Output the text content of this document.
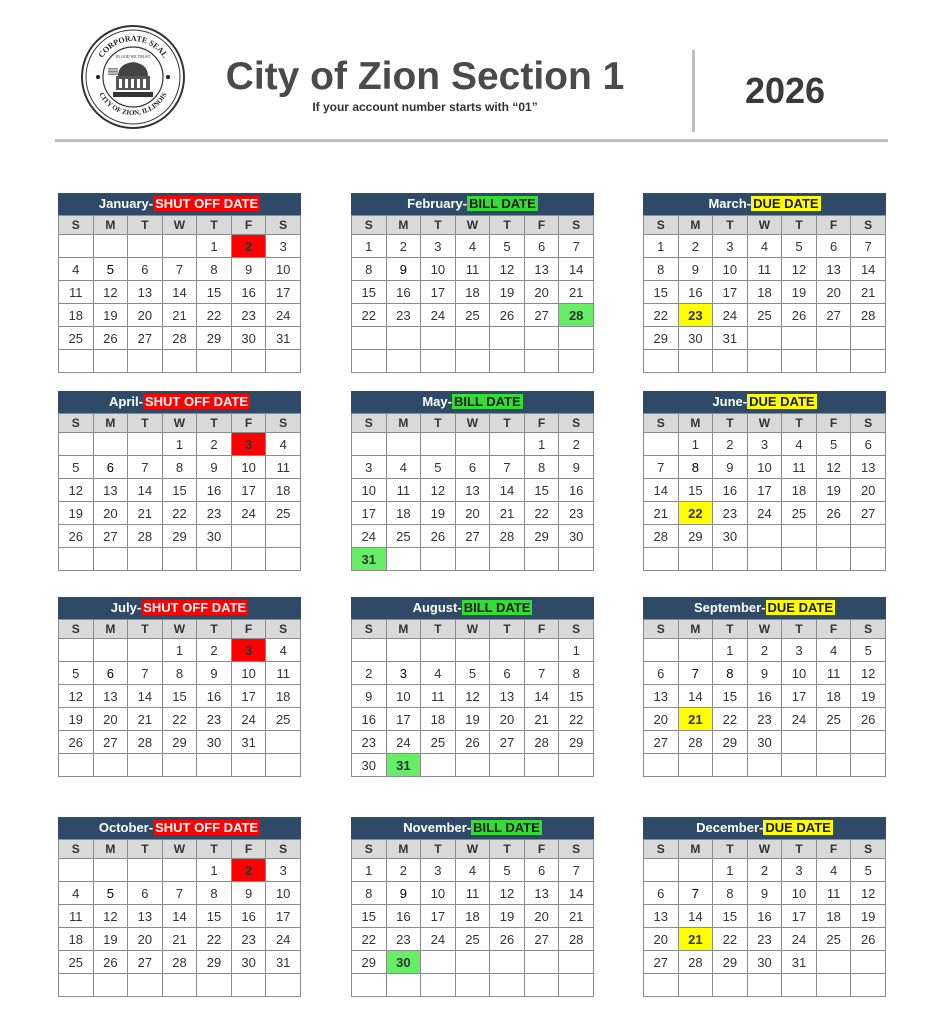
CORPORATE SEAL
CITY OF ZION, ILLINOIS
IN GOD WE TRUST	City of Zion Section 1
If your account number starts with “01”	2026
January- SHUT OFF DATE
S	M	T	W	T	F	S
				1	2	3
4	5	6	7	8	9	10
11	12	13	14	15	16	17
18	19	20	21	22	23	24
25	26	27	28	29	30	31

February- BILL DATE
S	M	T	W	T	F	S
1	2	3	4	5	6	7
8	9	10	11	12	13	14
15	16	17	18	19	20	21
22	23	24	25	26	27	28

March- DUE DATE
S	M	T	W	T	F	S
1	2	3	4	5	6	7
8	9	10	11	12	13	14
15	16	17	18	19	20	21
22	23	24	25	26	27	28
29	30	31				

April- SHUT OFF DATE
S	M	T	W	T	F	S
			1	2	3	4
5	6	7	8	9	10	11
12	13	14	15	16	17	18
19	20	21	22	23	24	25
26	27	28	29	30		

May- BILL DATE
S	M	T	W	T	F	S
					1	2
3	4	5	6	7	8	9
10	11	12	13	14	15	16
17	18	19	20	21	22	23
24	25	26	27	28	29	30
31						
June- DUE DATE
S	M	T	W	T	F	S
	1	2	3	4	5	6
7	8	9	10	11	12	13
14	15	16	17	18	19	20
21	22	23	24	25	26	27
28	29	30				

July- SHUT OFF DATE
S	M	T	W	T	F	S
			1	2	3	4
5	6	7	8	9	10	11
12	13	14	15	16	17	18
19	20	21	22	23	24	25
26	27	28	29	30	31	

August- BILL DATE
S	M	T	W	T	F	S
						1
2	3	4	5	6	7	8
9	10	11	12	13	14	15
16	17	18	19	20	21	22
23	24	25	26	27	28	29
30	31					
September- DUE DATE
S	M	T	W	T	F	S
		1	2	3	4	5
6	7	8	9	10	11	12
13	14	15	16	17	18	19
20	21	22	23	24	25	26
27	28	29	30			

October- SHUT OFF DATE
S	M	T	W	T	F	S
				1	2	3
4	5	6	7	8	9	10
11	12	13	14	15	16	17
18	19	20	21	22	23	24
25	26	27	28	29	30	31

November- BILL DATE
S	M	T	W	T	F	S
1	2	3	4	5	6	7
8	9	10	11	12	13	14
15	16	17	18	19	20	21
22	23	24	25	26	27	28
29	30					

December- DUE DATE
S	M	T	W	T	F	S
		1	2	3	4	5
6	7	8	9	10	11	12
13	14	15	16	17	18	19
20	21	22	23	24	25	26
27	28	29	30	31		
